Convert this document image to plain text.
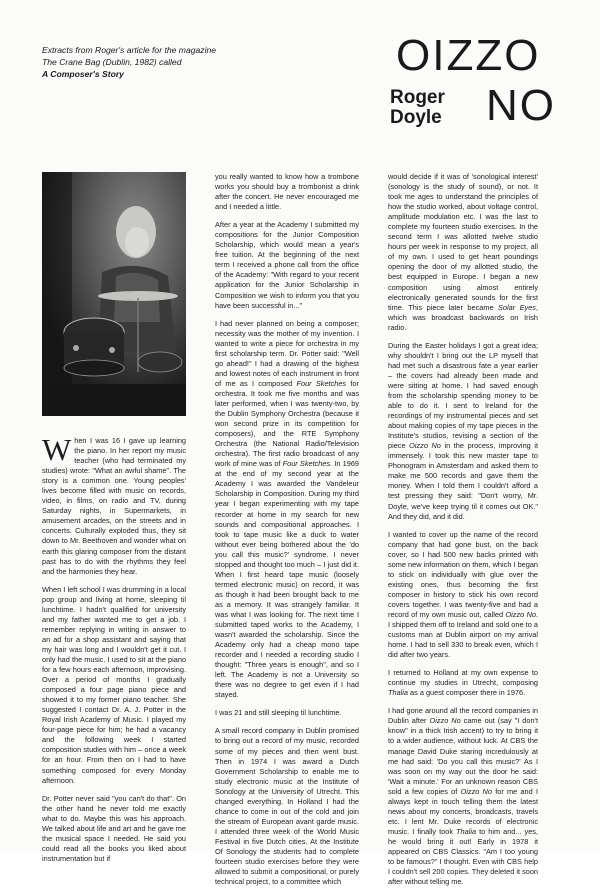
Extracts from Roger's article for the magazine
The Crane Bag (Dublin, 1982) called
A Composer's Story	OIZZO
NO
Roger
Doyle

When I was 16 I gave up learning the piano. In her report my music teacher (who had terminated my studies) wrote: "What an awful shame". The story is a common one. Young peoples' lives become filled with music on records, video, in films, on radio and TV, during Saturday nights, in Supermarkets, in amusement arcades, on the streets and in concerts. Culturally exploded thus, they sit down to Mr. Beethoven and wonder what on earth this glaring composer from the distant past has to do with the rhythms they feel and the harmonies they hear.

When I left school I was drumming in a local pop group and living at home, sleeping til lunchtime. I hadn't qualified for university and my father wanted me to get a job. I remember replying in writing in answer to an ad for a shop assistant and saying that my hair was long and I wouldn't get it cut. I only had the music. I used to sit at the piano for a few hours each afternoon, improvising. Over a period of months I gradually composed a four page piano piece and showed it to my former piano teacher. She suggested I contact Dr. A. J. Potter in the Royal Irish Academy of Music. I played my four-page piece for him; he had a vacancy and the following week I started composition studies with him – once a week for an hour. From then on I had to have something composed for every Monday afternoon.

Dr. Potter never said "you can't do that". On the other hand he never told me exactly what to do. Maybe this was his approach. We talked about life and art and he gave me the musical space I needed. He said you could read all the books you liked about instrumentation but if

you really wanted to know how a trombone works you should buy a trombonist a drink after the concert. He never encouraged me and I needed a little.

After a year at the Academy I submitted my compositions for the Junior Composition Scholarship, which would mean a year's free tuition. At the beginning of the next term I received a phone call from the office of the Academy: "With regard to your recent application for the Junior Scholarship in Composition we wish to inform you that you have been successful in..."

I had never planned on being a composer; necessity was the mother of my invention. I wanted to write a piece for orchestra in my first scholarship term. Dr. Potter said: "Well go ahead!" I had a drawing of the highest and lowest notes of each instrument in front of me as I composed Four Sketches for orchestra. It took me five months and was later performed, when I was twenty-two, by the Dublin Symphony Orchestra (because it won second prize in its competition for composers), and the RTE Symphony Orchestra (the National Radio/Television orchestra). The first radio broadcast of any work of mine was of Four Sketches. In 1969 at the end of my second year at the Academy I was awarded the Vandeleur Scholarship in Composition. During my third year I began experimenting with my tape recorder at home in my search for new sounds and compositional approaches. I took to tape music like a duck to water without ever being bothered about the 'do you call this music?' syndrome. I never stopped and thought too much – I just did it. When I first heard tape music (loosely termed electronic music) on record, it was as though it had been brought back to me as a memory. It was strangely familiar. It was what I was looking for. The next time I submitted taped works to the Academy, I wasn't awarded the scholarship. Since the Academy only had a cheap mono tape recorder and I needed a recording studio I thought: "Three years is enough", and so I left. The Academy is not a University so there was no degree to get even if I had stayed.

I was 21 and still sleeping til lunchtime.

A small record company in Dublin promised to bring out a record of my music, recorded some of my pieces and then went bust. Then in 1974 I was award a Dutch Government Scholarship to enable me to study electronic music at the Institute of Sonology at the University of Utrecht. This changed everything. In Holland I had the chance to come in out of the cold and join the stream of European avant garde music. I attended three week of the World Music Festival in five Dutch cities. At the Institute Of Sonology the students had to complete fourteen studio exercises before they were allowed to submit a compositional, or purely technical project, to a committee which

would decide if it was of 'sonological interest' (sonology is the study of sound), or not. It took me ages to understand the principles of how the studio worked, about voltage control, amplitude modulation etc. I was the last to complete my fourteen studio exercises. In the second term I was allotted twelve studio hours per week in response to my project, all of my own. I used to get heart poundings opening the door of my allotted studio, the best equipped in Europe. I began a new composition using almost entirely electronically generated sounds for the first time. This piece later became Solar Eyes, which was broadcast backwards on Irish radio.

During the Easter holidays I got a great idea; why shouldn't I bring out the LP myself that had met such a disastrous fate a year earlier – the covers had already been made and were sitting at home. I had saved enough from the scholarship spending money to be able to do it. I sent to Ireland for the recordings of my instrumental pieces and set about making copies of my tape pieces in the Institute's studios, revising a section of the piece Oizzo No in the process, improving it immensely. I took this new master tape to Phonogram in Amsterdam and asked them to make me 500 records and gave them the money. When I told them I couldn't afford a test pressing they said: "Don't worry, Mr. Doyle, we've keep trying til it comes out OK." And they did, and it did.

I wanted to cover up the name of the record company that had gone bust, on the back cover, so I had 500 new backs printed with some new information on them, which I began to stick on individually with glue over the existing ones, thus becoming the first composer in history to stick his own record covers together. I was twenty-five and had a record of my own music out, called Oizzo No. I shipped them off to Ireland and sold one to a customs man at Dublin airport on my arrival home. I had to sell 330 to break even, which I did after two years.

I returned to Holland at my own expense to continue my studies in Utrecht, composing Thalia as a guest composer there in 1976.

I had gone around all the record companies in Dublin after Oizzo No came out (say "I don't know" in a thick Irish accent) to try to bring it to a wider audience, without luck. At CBS the manage David Duke staring incredulously at me had said: 'Do you call this music?' As I was soon on my way out the door he said: 'Wait a minute.' For an unknown reason CBS sold a few copies of Oizzo No for me and I always kept in touch telling them the latest news about my concerts, broadcasts, travels etc. I lent Mr. Duke records of electronic music. I finally took Thalia to him and... yes, he would bring it out! Early in 1978 it appeared on CBS Classics. "Am I too young to be famous?" I thought. Even with CBS help I couldn't sell 200 copies. They deleted it soon after without telling me.
